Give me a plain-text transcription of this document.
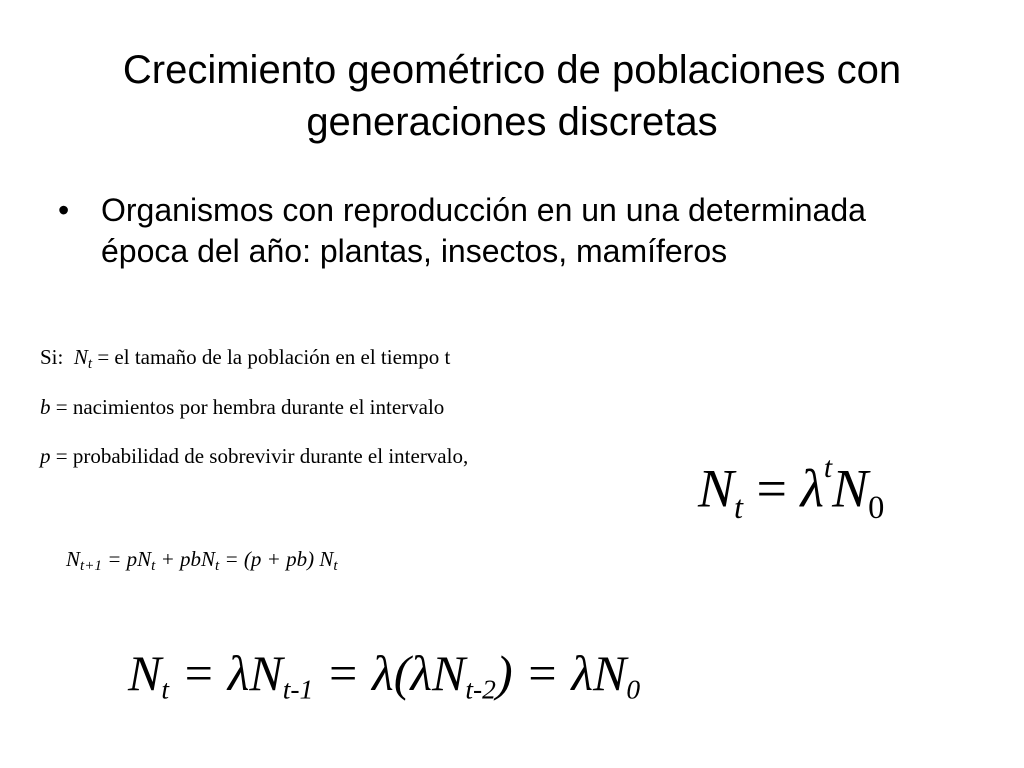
Crecimiento geométrico de poblaciones con
generaciones discretas
• Organismos con reproducción en un una determinada época del año: plantas, insectos, mamíferos
Si: $N_t$ = el tamaño de la población en el tiempo t
b = nacimientos por hembra durante el intervalo
p = probabilidad de sobrevivir durante el intervalo,
$N_t = \lambda^tN_0$
$N_{t+1} = pN_t + pbN_t = (p + pb)$ $N_t$
$N_t = \lambda N_{t-1} = \lambda(\lambda N_{t-2}) = \lambda N_0$
